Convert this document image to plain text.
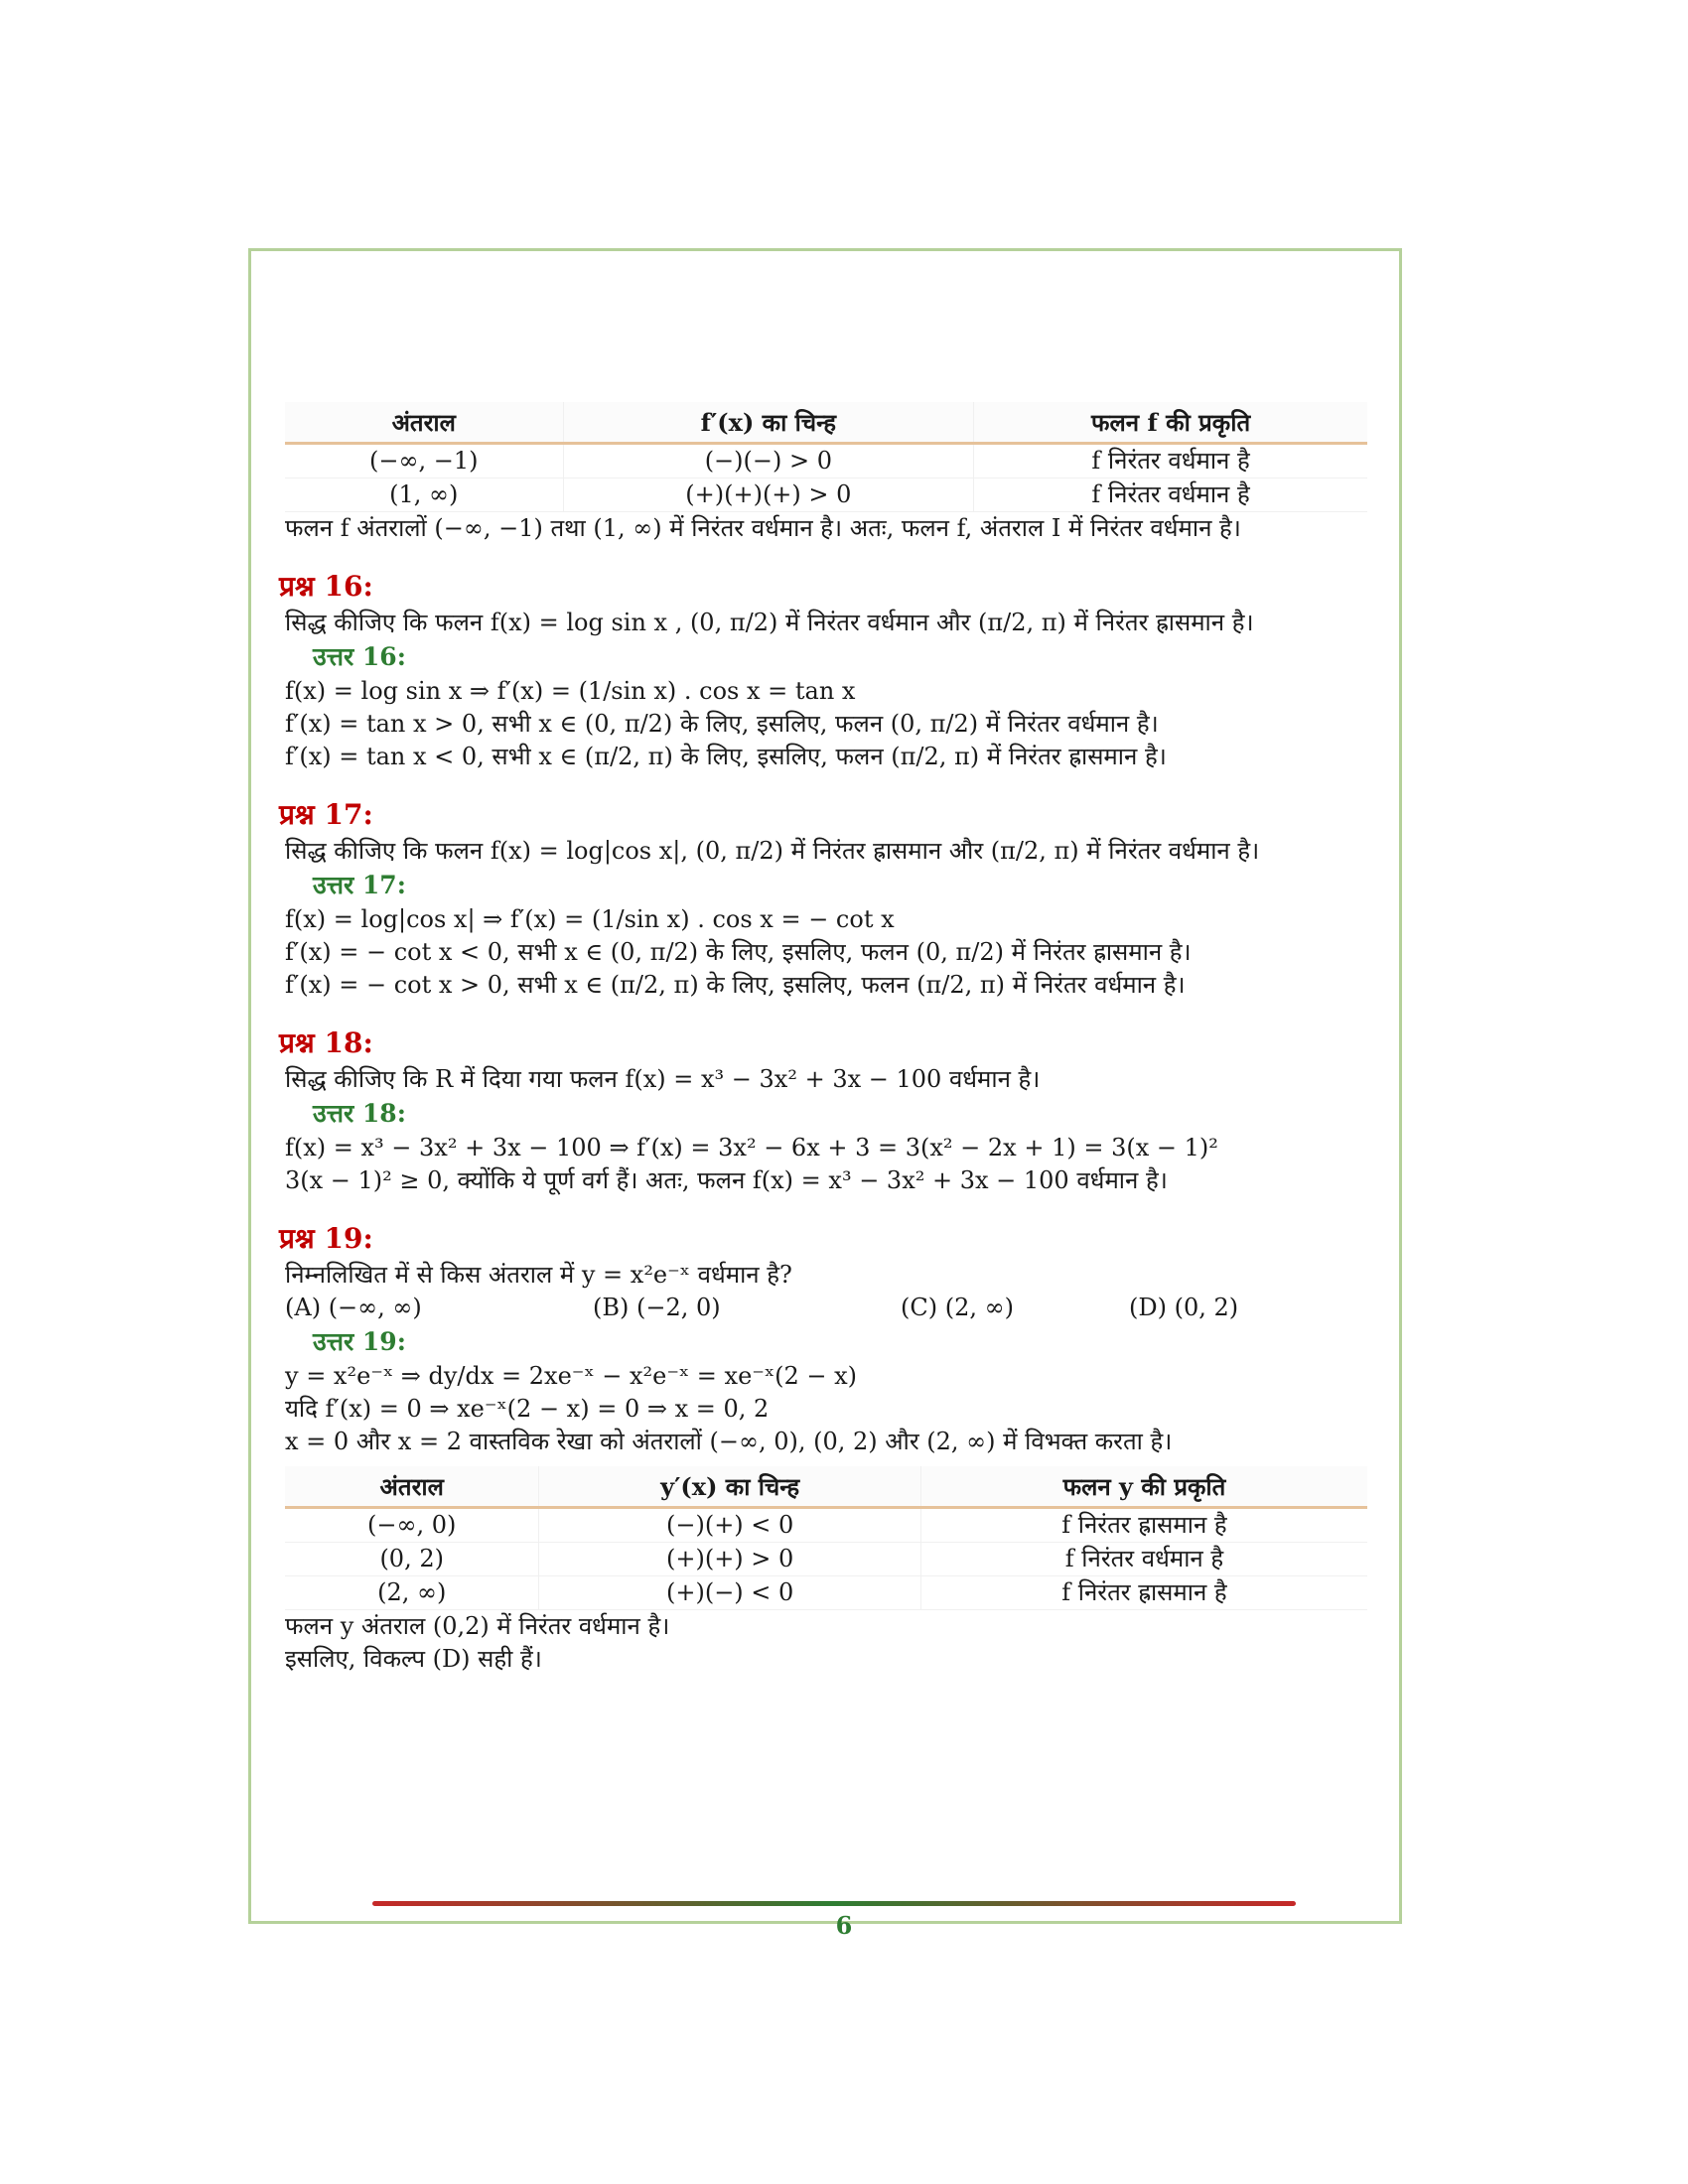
अंतराल	f′(x) का चिन्ह	फलन f की प्रकृति
(−∞, −1)	(−)(−) > 0	f निरंतर वर्धमान है
(1, ∞)	(+)(+)(+) > 0	f निरंतर वर्धमान है
फलन f अंतरालों (−∞, −1) तथा (1, ∞) में निरंतर वर्धमान है। अतः, फलन f, अंतराल I में निरंतर वर्धमान है।
प्रश्न 16:
सिद्ध कीजिए कि फलन f(x) = log sin x , (0, π/2) में निरंतर वर्धमान और (π/2, π) में निरंतर ह्रासमान है।
उत्तर 16:
f(x) = log sin x ⇒ f′(x) = (1/sin x) . cos x = tan x
f′(x) = tan x > 0, सभी x ∈ (0, π/2) के लिए, इसलिए, फलन (0, π/2) में निरंतर वर्धमान है।
f′(x) = tan x < 0, सभी x ∈ (π/2, π) के लिए, इसलिए, फलन (π/2, π) में निरंतर ह्रासमान है।
प्रश्न 17:
सिद्ध कीजिए कि फलन f(x) = log|cos x|, (0, π/2) में निरंतर ह्रासमान और (π/2, π) में निरंतर वर्धमान है।
उत्तर 17:
f(x) = log|cos x| ⇒ f′(x) = (1/sin x) . cos x = − cot x
f′(x) = − cot x < 0, सभी x ∈ (0, π/2) के लिए, इसलिए, फलन (0, π/2) में निरंतर ह्रासमान है।
f′(x) = − cot x > 0, सभी x ∈ (π/2, π) के लिए, इसलिए, फलन (π/2, π) में निरंतर वर्धमान है।
प्रश्न 18:
सिद्ध कीजिए कि R में दिया गया फलन f(x) = x³ − 3x² + 3x − 100 वर्धमान है।
उत्तर 18:
f(x) = x³ − 3x² + 3x − 100 ⇒ f′(x) = 3x² − 6x + 3 = 3(x² − 2x + 1) = 3(x − 1)²
3(x − 1)² ≥ 0, क्योंकि ये पूर्ण वर्ग हैं। अतः, फलन f(x) = x³ − 3x² + 3x − 100 वर्धमान है।
प्रश्न 19:
निम्नलिखित में से किस अंतराल में y = x²e⁻ˣ वर्धमान है?
(A) (−∞, ∞)	(B) (−2, 0)	(C) (2, ∞)	(D) (0, 2)
उत्तर 19:
y = x²e⁻ˣ ⇒ dy/dx = 2xe⁻ˣ − x²e⁻ˣ = xe⁻ˣ(2 − x)
यदि f′(x) = 0 ⇒ xe⁻ˣ(2 − x) = 0 ⇒ x = 0, 2
x = 0 और x = 2 वास्तविक रेखा को अंतरालों (−∞, 0), (0, 2) और (2, ∞) में विभक्त करता है।
अंतराल	y′(x) का चिन्ह	फलन y की प्रकृति
(−∞, 0)	(−)(+) < 0	f निरंतर ह्रासमान है
(0, 2)	(+)(+) > 0	f निरंतर वर्धमान है
(2, ∞)	(+)(−) < 0	f निरंतर ह्रासमान है
फलन y अंतराल (0,2) में निरंतर वर्धमान है।
इसलिए, विकल्प (D) सही हैं।
6
